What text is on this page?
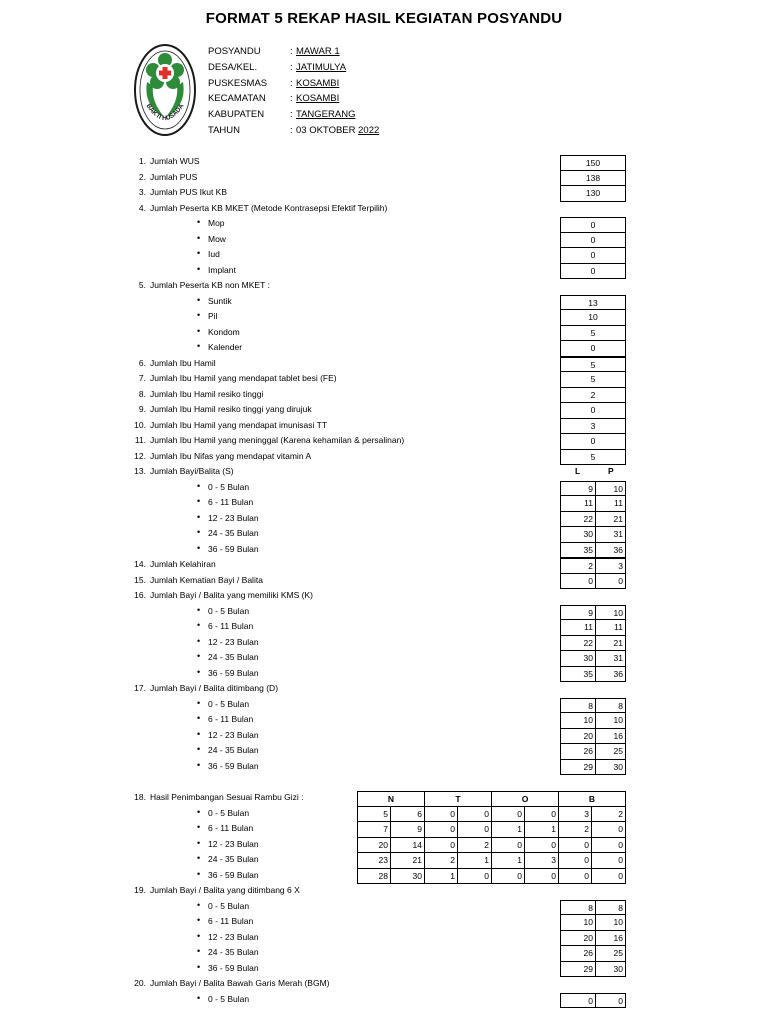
FORMAT 5 REKAP HASIL KEGIATAN POSYANDU
BAKTI HUSADA
POSYANDU	: MAWAR 1
DESA/KEL.	: JATIMULYA
PUSKESMAS : KOSAMBI
KECAMATAN	: KOSAMBI
KABUPATEN	: TANGERANG
TAHUN	: 03 OKTOBER 2022
1. Jumlah WUS	150
2. Jumlah PUS	138
3. Jumlah PUS Ikut KB	130
4. Jumlah Peserta KB MKET (Metode Kontrasepsi Efektif Terpilih)
• Mop	0
• Mow	0
• Iud	0
• Implant	0
5. Jumlah Peserta KB non MKET :
• Suntik	13
• Pil	10
• Kondom	5
• Kalender	0
6. Jumlah Ibu Hamil	5
7. Jumlah Ibu Hamil yang mendapat tablet besi (FE)	5
8. Jumlah Ibu Hamil resiko tinggi	2
9. Jumlah Ibu Hamil resiko tinggi yang dirujuk	0
10. Jumlah Ibu Hamil yang mendapat imunisasi TT	3
11. Jumlah Ibu Hamil yang meninggal (Karena kehamilan & persalinan)	0
12. Jumlah Ibu Nifas yang mendapat vitamin A	5
13. Jumlah Bayi/Balita (S)	L	P
• 0 - 5 Bulan	9	10
• 6 - 11 Bulan	11	11
• 12 - 23 Bulan	22	21
• 24 - 35 Bulan	30	31
• 36 - 59 Bulan	35	36
14. Jumlah Kelahiran	2	3
15. Jumlah Kematian Bayi / Balita	0	0
16. Jumlah Bayi / Balita yang memiliki KMS (K)
• 0 - 5 Bulan	9	10
• 6 - 11 Bulan	11	11
• 12 - 23 Bulan	22	21
• 24 - 35 Bulan	30	31
• 36 - 59 Bulan	35	36
17. Jumlah Bayi / Balita ditimbang (D)
• 0 - 5 Bulan	8	8
• 6 - 11 Bulan	10	10
• 12 - 23 Bulan	20	16
• 24 - 35 Bulan	26	25
• 36 - 59 Bulan	29	30
18. Hasil Penimbangan Sesuai Rambu Gizi :	N	T	O	B
• 0 - 5 Bulan	5	6	0	0	0	0	3	2
• 6 - 11 Bulan	7	9	0	0	1	1	2	0
• 12 - 23 Bulan	20	14	0	2	0	0	0	0
• 24 - 35 Bulan	23	21	2	1	1	3	0	0
• 36 - 59 Bulan	28	30	1	0	0	0	0	0
19. Jumlah Bayi / Balita yang ditimbang 6 X
• 0 - 5 Bulan	8	8
• 6 - 11 Bulan	10	10
• 12 - 23 Bulan	20	16
• 24 - 35 Bulan	26	25
• 36 - 59 Bulan	29	30
20. Jumlah Bayi / Balita Bawah Garis Merah (BGM)
• 0 - 5 Bulan	0	0
